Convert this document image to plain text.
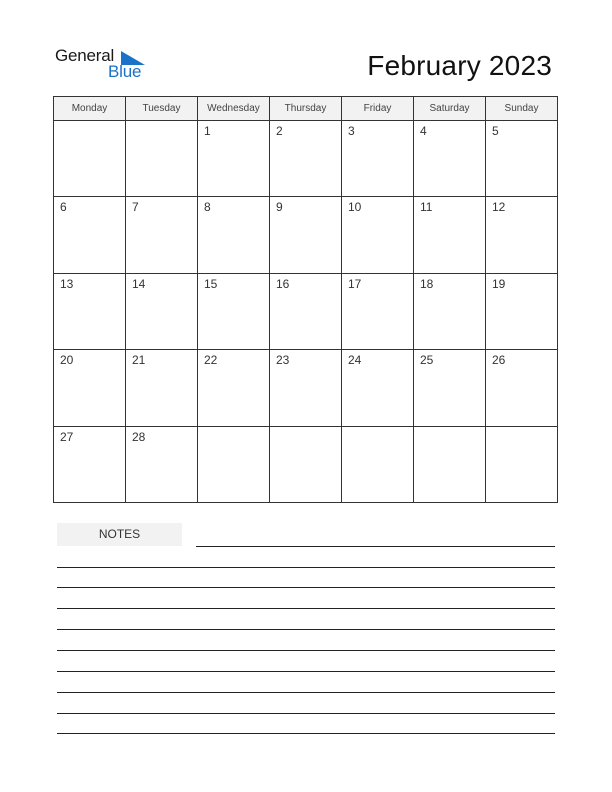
General
Blue	February 2023
Monday	Tuesday	Wednesday	Thursday	Friday	Saturday	Sunday

		1	2	3	4	5

6	7	8	9	10	11	12

13	14	15	16	17	18	19

20	21	22	23	24	25	26

27	28					

NOTES
